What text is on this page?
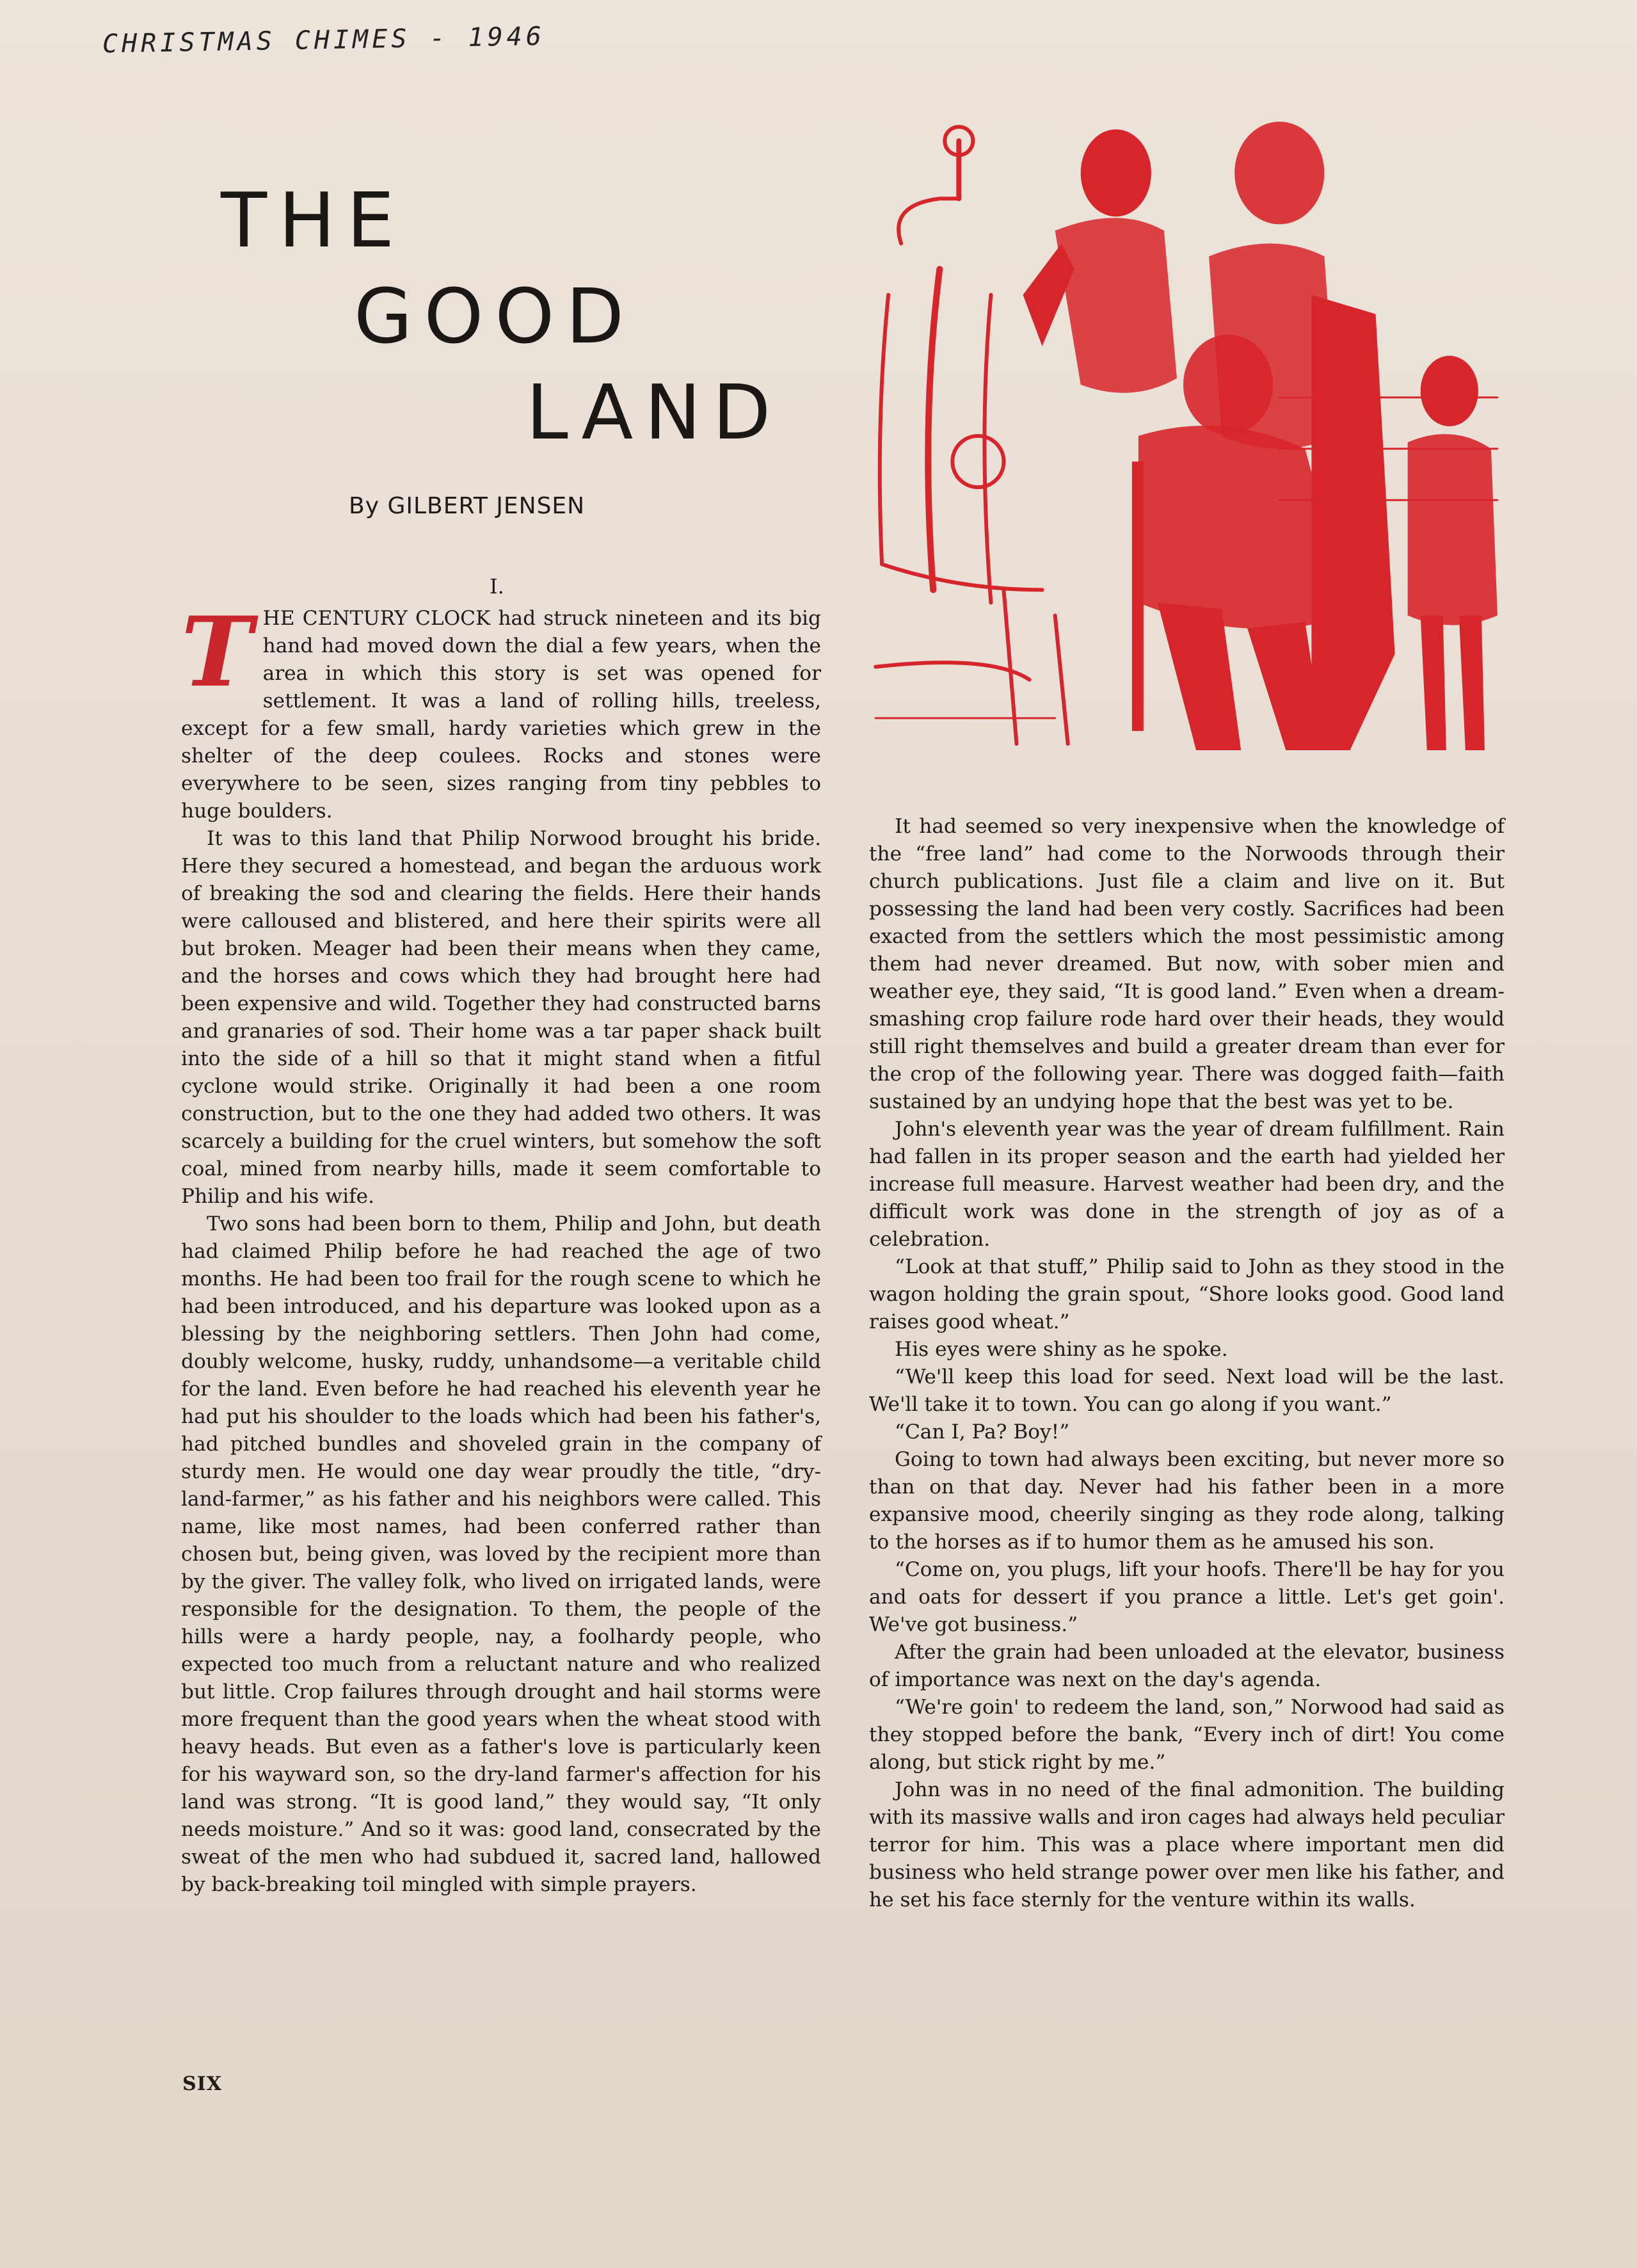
CHRISTMAS CHIMES - 1946
THE
GOOD
LAND
By GILBERT JENSEN
I.

THE CENTURY CLOCK had struck nineteen and its big hand had moved down the dial a few years, when the area in which this story is set was opened for settlement. It was a land of rolling hills, treeless, except for a few small, hardy varieties which grew in the shelter of the deep coulees. Rocks and stones were everywhere to be seen, sizes ranging from tiny pebbles to huge boulders.

It was to this land that Philip Norwood brought his bride. Here they secured a homestead, and began the arduous work of breaking the sod and clearing the fields. Here their hands were calloused and blistered, and here their spirits were all but broken. Meager had been their means when they came, and the horses and cows which they had brought here had been expensive and wild. Together they had constructed barns and granaries of sod. Their home was a tar paper shack built into the side of a hill so that it might stand when a fitful cyclone would strike. Originally it had been a one room construction, but to the one they had added two others. It was scarcely a building for the cruel winters, but somehow the soft coal, mined from nearby hills, made it seem comfortable to Philip and his wife.

Two sons had been born to them, Philip and John, but death had claimed Philip before he had reached the age of two months. He had been too frail for the rough scene to which he had been introduced, and his departure was looked upon as a blessing by the neighboring settlers. Then John had come, doubly welcome, husky, ruddy, unhandsome—a veritable child for the land. Even before he had reached his eleventh year he had put his shoulder to the loads which had been his father's, had pitched bundles and shoveled grain in the company of sturdy men. He would one day wear proudly the title, “dry-land-farmer,” as his father and his neighbors were called. This name, like most names, had been conferred rather than chosen but, being given, was loved by the recipient more than by the giver. The valley folk, who lived on irrigated lands, were responsible for the designation. To them, the people of the hills were a hardy people, nay, a foolhardy people, who expected too much from a reluctant nature and who realized but little. Crop failures through drought and hail storms were more frequent than the good years when the wheat stood with heavy heads. But even as a father's love is particularly keen for his wayward son, so the dry-land farmer's affection for his land was strong. “It is good land,” they would say, “It only needs moisture.” And so it was: good land, consecrated by the sweat of the men who had subdued it, sacred land, hallowed by back-breaking toil mingled with simple prayers.

It had seemed so very inexpensive when the knowledge of the “free land” had come to the Norwoods through their church publications. Just file a claim and live on it. But possessing the land had been very costly. Sacrifices had been exacted from the settlers which the most pessimistic among them had never dreamed. But now, with sober mien and weather eye, they said, “It is good land.” Even when a dream-smashing crop failure rode hard over their heads, they would still right themselves and build a greater dream than ever for the crop of the following year. There was dogged faith—faith sustained by an undying hope that the best was yet to be.

John's eleventh year was the year of dream fulfillment. Rain had fallen in its proper season and the earth had yielded her increase full measure. Harvest weather had been dry, and the difficult work was done in the strength of joy as of a celebration.

“Look at that stuff,” Philip said to John as they stood in the wagon holding the grain spout, “Shore looks good. Good land raises good wheat.”

His eyes were shiny as he spoke.

“We'll keep this load for seed. Next load will be the last. We'll take it to town. You can go along if you want.”

“Can I, Pa? Boy!”

Going to town had always been exciting, but never more so than on that day. Never had his father been in a more expansive mood, cheerily singing as they rode along, talking to the horses as if to humor them as he amused his son.

“Come on, you plugs, lift your hoofs. There'll be hay for you and oats for dessert if you prance a little. Let's get goin'. We've got business.”

After the grain had been unloaded at the elevator, business of importance was next on the day's agenda.

“We're goin' to redeem the land, son,” Norwood had said as they stopped before the bank, “Every inch of dirt! You come along, but stick right by me.”

John was in no need of the final admonition. The building with its massive walls and iron cages had always held peculiar terror for him. This was a place where important men did business who held strange power over men like his father, and he set his face sternly for the venture within its walls.

SIX
